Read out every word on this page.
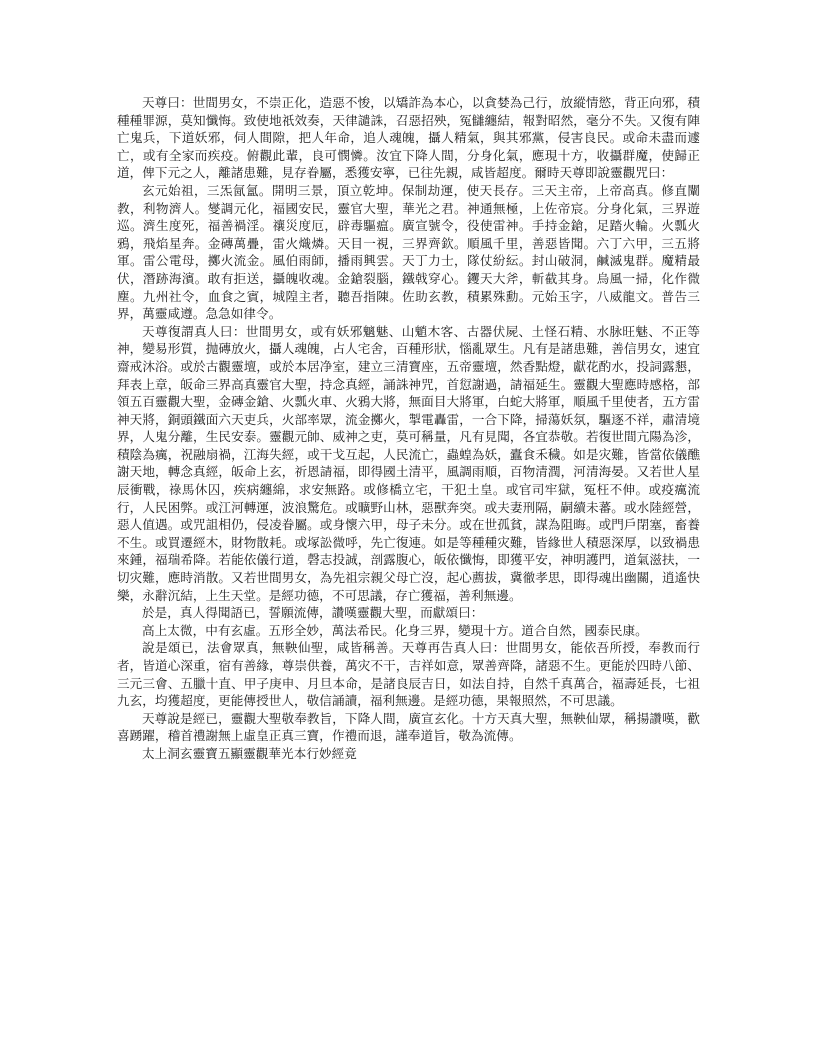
天尊曰：世間男女，不崇正化，造惡不悛，以矯詐為本心，以貪婪為己行，放縱情慾，背正向邪，積種種罪源，莫知懺悔。致使地祇效奏，天律譴誅，召惡招殃，冤讎纏結，報對昭然，毫分不失。又復有陣亡鬼兵，下道妖邪，伺人間隙，把人年命，追人魂魄，攝人精氣，與其邪黨，侵害良民。或命未盡而遽亡，或有全家而疾疫。俯觀此輩，良可憫憐。汝宜下降人間，分身化氣，應現十方，收攝群魔，使歸正道，俾下元之人，離諸患難，見存眷屬，悉獲安寧，已往先親，咸皆超度。爾時天尊即說靈觀咒曰：

玄元始祖，三炁氤氳。開明三景，頂立乾坤。保制劫運，使天長存。三天主帝，上帝高真。修直闡教，利物濟人。燮調元化，福國安民，靈官大聖，華光之君。神通無極，上佐帝宸。分身化氣，三界遊巡。濟生度死，福善禍淫。禳災度厄，辟毒驅瘟。廣宣號令，役使雷神。手持金鎗，足踏火輪。火瓢火鴉，飛焰星奔。金磚萬疊，雷火熾燐。天目一視，三界齊欽。順風千里，善惡皆聞。六丁六甲，三五將軍。雷公電母，擲火流金。風伯雨師，播雨興雲。天丁力士，隊仗紛紜。封山破洞，鹹滅鬼群。魔精最伏，潛跡海濱。敢有拒送，攝魄收魂。金鎗裂腦，鐵戟穿心。钁天大斧，斬截其身。烏風一掃，化作微塵。九州社令，血食之賓，城隍主者，聽吾指陳。佐助玄教，積累殊勳。元始玉字，八威龍文。普告三界，萬靈咸遵。急急如律令。

天尊復謂真人曰：世間男女，或有妖邪魑魅、山魈木客、古器伏屍、土怪石精、水脉旺魅、不正等神，變易形質，抛磚放火，攝人魂魄，占人宅舍，百種形狀，惱亂眾生。凡有是諸患難，善信男女，速宜齋戒沐浴。或於古觀靈壇，或於本居净室，建立三清寶座，五帝靈壇，然香點燈，獻花酌水，投詞露懇，拜表上章，皈命三界高真靈官大聖，持念真經，誦誅神咒，首愆謝過，請福延生。靈觀大聖應時感格，部領五百靈觀大聖，金磚金鎗、火瓢火車、火鴉大將，無面目大將軍，白蛇大將軍，順風千里使者，五方雷神天將，銅頭鐵面六天吏兵，火部率眾，流金擲火，掣電轟雷，一合下降，掃蕩妖氛，驅逐不祥，肅清境界，人鬼分離，生民安泰。靈觀元帥、威神之吏，莫可稱量，凡有見聞，各宜恭敬。若復世間亢陽為沴，積陰為癘，祝融扇禍，江海失經，或干戈互起，人民流亡，蟲蝗為妖，蠹食禾穢。如是灾難，皆當依儀醮謝天地，轉念真經，皈命上玄，祈恩請福，即得國土清平，風調雨順，百物清潤，河清海晏。又若世人星辰衝戰，祿馬休囚，疾病纏綿，求安無路。或修橋立宅，干犯土皇。或官司牢獄，冤枉不伸。或疫癘流行，人民困弊。或江河轉運，波浪驚危。或曠野山林，惡獸奔突。或夫妻刑隔，嗣續未蕃。或水陸經營，惡人值遇。或咒詛相仍，侵凌眷屬。或身懷六甲，母子未分。或在世孤貧，謀為阻晦。或門戶閉塞，畜養不生。或買遷經木，財物散耗。或塚訟微呼，先亡復連。如是等種種灾難，皆緣世人積惡深厚，以致禍患來鍾，福瑞希降。若能依儀行道，磬志投誠，剖露腹心，皈依懺悔，即獲平安，神明護門，道氣滋扶，一切灾難，應時消散。又若世間男女，為先祖宗親父母亡沒，起心薦拔，冀徹孝思，即得魂出幽關，逍遙快樂，永辭沉結，上生天堂。是經功德，不可思議，存亡獲福，善利無邊。

於是，真人得聞語已，誓願流傳，讚嘆靈觀大聖，而獻頌曰：

高上太微，中有玄虛。五形全妙，萬法希民。化身三界，變現十方。道合自然，國泰民康。

說是頌已，法會眾真，無鞅仙聖，咸皆稱善。天尊再告真人曰：世間男女，能依吾所授，奉教而行者，皆道心深重，宿有善緣，尊崇供養，萬灾不干，吉祥如意，眾善齊降，諸惡不生。更能於四時八節、三元三會、五臘十直、甲子庚申、月旦本命，是諸良辰吉日，如法自持，自然千真萬合，福壽延長，七祖九玄，均獲超度，更能傳授世人，敬信誦讀，福利無邊。是經功德，果報照然，不可思議。

天尊說是經已，靈觀大聖敬奉教旨，下降人間，廣宣玄化。十方天真大聖，無鞅仙眾，稱揚讚嘆，歡喜踴躍，稽首禮謝無上虛皇正真三寶，作禮而退，謹奉道旨，敬為流傳。

太上洞玄靈寶五顯靈觀華光本行妙經竟
